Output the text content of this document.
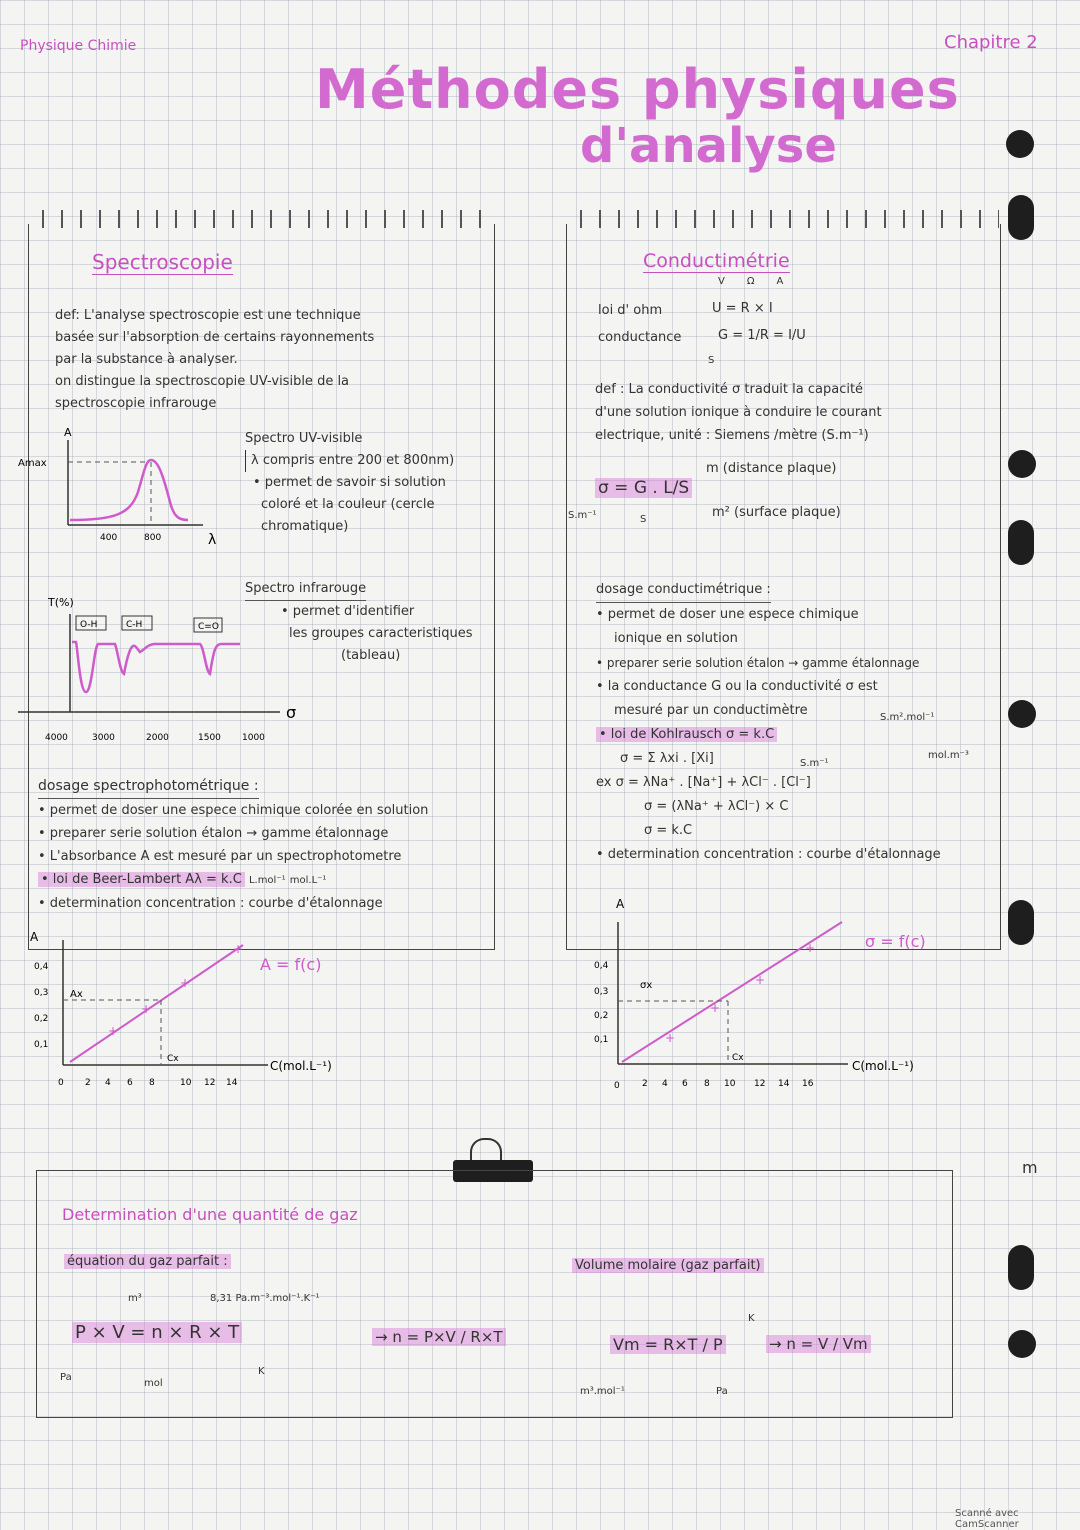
Physique Chimie	Chapitre 2
Méthodes physiques
d'analyse
Spectroscopie
def: L'analyse spectroscopie est une technique
basée sur l'absorption de certains rayonnements
par la substance à analyser.
on distingue la spectroscopie UV-visible de la
spectroscopie infrarouge
A
Amax
λ
400	800
Spectro UV-visible
λ compris entre 200 et 800nm)
• permet de savoir si solution
coloré et la couleur (cercle
chromatique)
O-H	C-H	C=O
T(%)
σ
4000	3000	2000	1500 1000
Spectro infrarouge
• permet d'identifier
les groupes caracteristiques
(tableau)
dosage spectrophotométrique :
• permet de doser une espece chimique colorée en solution
• preparer serie solution étalon → gamme étalonnage
• L'absorbance A est mesuré par un spectrophotometre
• loi de Beer-Lambert Aλ = k.C L.mol⁻¹ mol.L⁻¹
• determination concentration : courbe d'étalonnage
+
+
+
+
A
0,4
0,3
0,2
0,1
Ax
Cx
0 2 4 6 8	10 12 14
C(mol.L⁻¹)
A = f(c)
Conductimétrie
VΩA
loi d' ohm	U = R × I
conductance	G = 1/R = I/U
S
def : La conductivité σ traduit la capacité
d'une solution ionique à conduire le courant
electrique, unité : Siemens /mètre (S.m⁻¹)
σ = G . L/S
S.m⁻¹	S
m (distance plaque)
m² (surface plaque)
dosage conductimétrique :
• permet de doser une espece chimique
ionique en solution
• preparer serie solution étalon → gamme étalonnage
• la conductance G ou la conductivité σ est
mesuré par un conductimètre
• loi de Kohlrausch σ = k.C
σ = Σ λxi . [Xi]
ex σ = λNa⁺ . [Na⁺] + λCl⁻ . [Cl⁻]
σ = (λNa⁺ + λCl⁻) × C
σ = k.C
• determination concentration : courbe d'étalonnage
S.m².mol⁻¹
mol.m⁻³
S.m⁻¹
+
+
+
+
A
0,4
0,3
0,2
0,1
σx
Cx
0 2 4 6 8 10 12 14 16
C(mol.L⁻¹)
σ = f(c)
Determination d'une quantité de gaz
équation du gaz parfait :
m³	8,31 Pa.m⁻³.mol⁻¹.K⁻¹
P × V = n × R × T
Pa
mol
K
→ n = P×V / R×T
Volume molaire (gaz parfait)
K
Vm = R×T / P
m³.mol⁻¹	Pa
→ n = V / Vm
m
Scanné avec CamScanner
